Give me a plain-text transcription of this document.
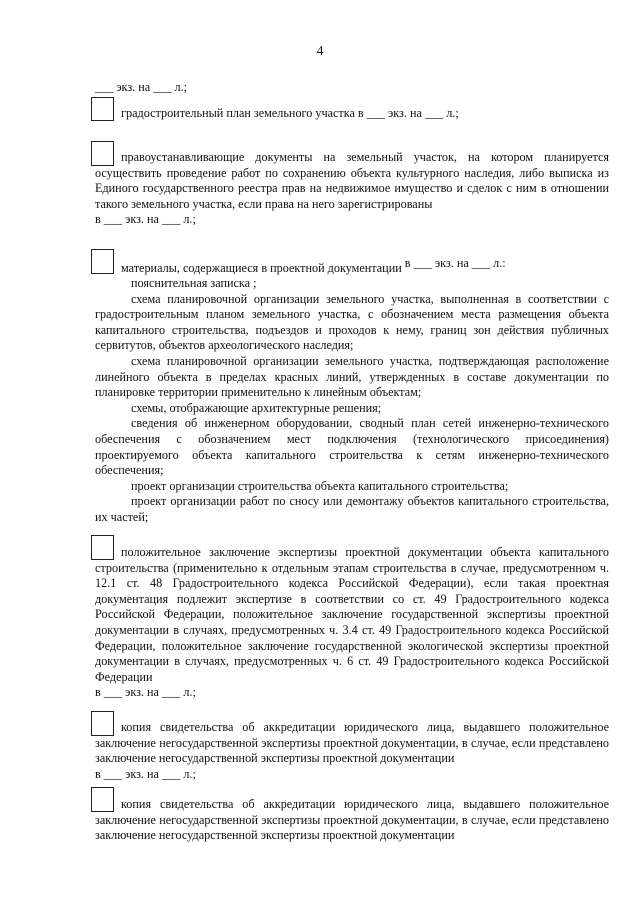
4
___ экз. на ___ л.;
градостроительный план земельного участка в ___ экз. на ___ л.;
правоустанавливающие документы на земельный участок, на котором планируется осуществить проведение работ по сохранению объекта культурного наследия, либо выписка из Единого государственного реестра прав на недвижимое имущество и сделок с ним в отношении такого земельного участка, если права на него зарегистрированы
в ___ экз. на ___ л.;
материалы, содержащиеся в проектной документации в ___ экз. на ___ л.:
пояснительная записка ;
схема планировочной организации земельного участка, выполненная в соответствии с градостроительным планом земельного участка, с обозначением места размещения объекта капитального строительства, подъездов и проходов к нему, границ зон действия публичных сервитутов, объектов археологического наследия;
схема планировочной организации земельного участка, подтверждающая расположение линейного объекта в пределах красных линий, утвержденных в составе документации по планировке территории применительно к линейным объектам;
схемы, отображающие архитектурные решения;
сведения об инженерном оборудовании, сводный план сетей инженерно-технического обеспечения с обозначением мест подключения (технологического присоединения) проектируемого объекта капитального строительства к сетям инженерно-технического обеспечения;
проект организации строительства объекта капитального строительства;
проект организации работ по сносу или демонтажу объектов капитального строительства, их частей;
положительное заключение экспертизы проектной документации объекта капитального строительства (применительно к отдельным этапам строительства в случае, предусмотренном ч. 12.1 ст. 48 Градостроительного кодекса Российской Федерации), если такая проектная документация подлежит экспертизе в соответствии со ст. 49 Градостроительного кодекса Российской Федерации, положительное заключение государственной экспертизы проектной документации в случаях, предусмотренных ч. 3.4 ст. 49 Градостроительного кодекса Российской Федерации, положительное заключение государственной экологической экспертизы проектной документации в случаях, предусмотренных ч. 6 ст. 49 Градостроительного кодекса Российской Федерации
в ___ экз. на ___ л.;
копия свидетельства об аккредитации юридического лица, выдавшего положительное заключение негосударственной экспертизы проектной документации, в случае, если представлено заключение негосударственной экспертизы проектной документации
в ___ экз. на ___ л.;
копия свидетельства об аккредитации юридического лица, выдавшего положительное заключение негосударственной экспертизы проектной документации, в случае, если представлено заключение негосударственной экспертизы проектной документации
